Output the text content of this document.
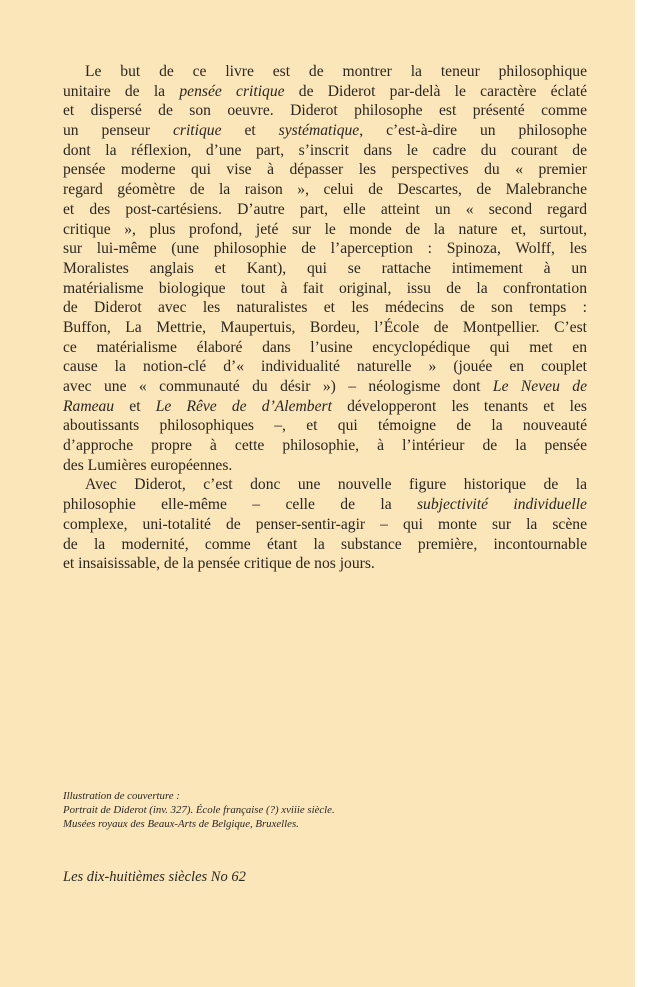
Le but de ce livre est de montrer la teneur philosophique
unitaire de la pensée critique de Diderot par-delà le caractère éclaté
et dispersé de son oeuvre. Diderot philosophe est présenté comme
un penseur critique et systématique, c’est-à-dire un philosophe
dont la réflexion, d’une part, s’inscrit dans le cadre du courant de
pensée moderne qui vise à dépasser les perspectives du « premier
regard géomètre de la raison », celui de Descartes, de Malebranche
et des post-cartésiens. D’autre part, elle atteint un « second regard
critique », plus profond, jeté sur le monde de la nature et, surtout,
sur lui-même (une philosophie de l’aperception : Spinoza, Wolff, les
Moralistes anglais et Kant), qui se rattache intimement à un
matérialisme biologique tout à fait original, issu de la confrontation
de Diderot avec les naturalistes et les médecins de son temps :
Buffon, La Mettrie, Maupertuis, Bordeu, l’École de Montpellier. C’est
ce matérialisme élaboré dans l’usine encyclopédique qui met en
cause la notion-clé d’« individualité naturelle » (jouée en couplet
avec une « communauté du désir ») – néologisme dont Le Neveu de
Rameau et Le Rêve de d’Alembert développeront les tenants et les
aboutissants philosophiques –, et qui témoigne de la nouveauté
d’approche propre à cette philosophie, à l’intérieur de la pensée
des Lumières européennes.
Avec Diderot, c’est donc une nouvelle figure historique de la
philosophie elle-même – celle de la subjectivité individuelle
complexe, uni-totalité de penser-sentir-agir – qui monte sur la scène
de la modernité, comme étant la substance première, incontournable
et insaisissable, de la pensée critique de nos jours.
Illustration de couverture :
Portrait de Diderot (inv. 327). École française (?) xviiie siècle.
Musées royaux des Beaux-Arts de Belgique, Bruxelles.
Les dix-huitièmes siècles No 62
